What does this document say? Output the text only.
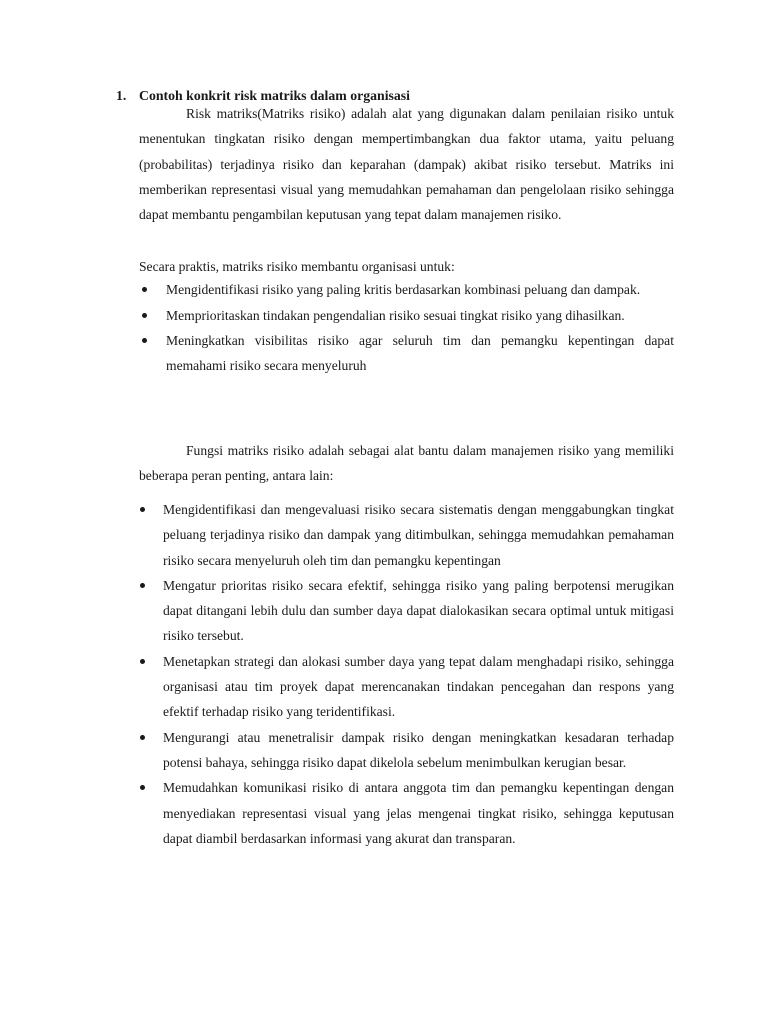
1. Contoh konkrit risk matriks dalam organisasi

Risk matriks(Matriks risiko) adalah alat yang digunakan dalam penilaian risiko untuk menentukan tingkatan risiko dengan mempertimbangkan dua faktor utama, yaitu peluang (probabilitas) terjadinya risiko dan keparahan (dampak) akibat risiko tersebut. Matriks ini memberikan representasi visual yang memudahkan pemahaman dan pengelolaan risiko sehingga dapat membantu pengambilan keputusan yang tepat dalam manajemen risiko.

Secara praktis, matriks risiko membantu organisasi untuk:

Mengidentifikasi risiko yang paling kritis berdasarkan kombinasi peluang dan dampak.
Memprioritaskan tindakan pengendalian risiko sesuai tingkat risiko yang dihasilkan.
Meningkatkan visibilitas risiko agar seluruh tim dan pemangku kepentingan dapat memahami risiko secara menyeluruh

Fungsi matriks risiko adalah sebagai alat bantu dalam manajemen risiko yang memiliki beberapa peran penting, antara lain:

Mengidentifikasi dan mengevaluasi risiko secara sistematis dengan menggabungkan tingkat peluang terjadinya risiko dan dampak yang ditimbulkan, sehingga memudahkan pemahaman risiko secara menyeluruh oleh tim dan pemangku kepentingan
Mengatur prioritas risiko secara efektif, sehingga risiko yang paling berpotensi merugikan dapat ditangani lebih dulu dan sumber daya dapat dialokasikan secara optimal untuk mitigasi risiko tersebut.
Menetapkan strategi dan alokasi sumber daya yang tepat dalam menghadapi risiko, sehingga organisasi atau tim proyek dapat merencanakan tindakan pencegahan dan respons yang efektif terhadap risiko yang teridentifikasi.
Mengurangi atau menetralisir dampak risiko dengan meningkatkan kesadaran terhadap potensi bahaya, sehingga risiko dapat dikelola sebelum menimbulkan kerugian besar.
Memudahkan komunikasi risiko di antara anggota tim dan pemangku kepentingan dengan menyediakan representasi visual yang jelas mengenai tingkat risiko, sehingga keputusan dapat diambil berdasarkan informasi yang akurat dan transparan.
